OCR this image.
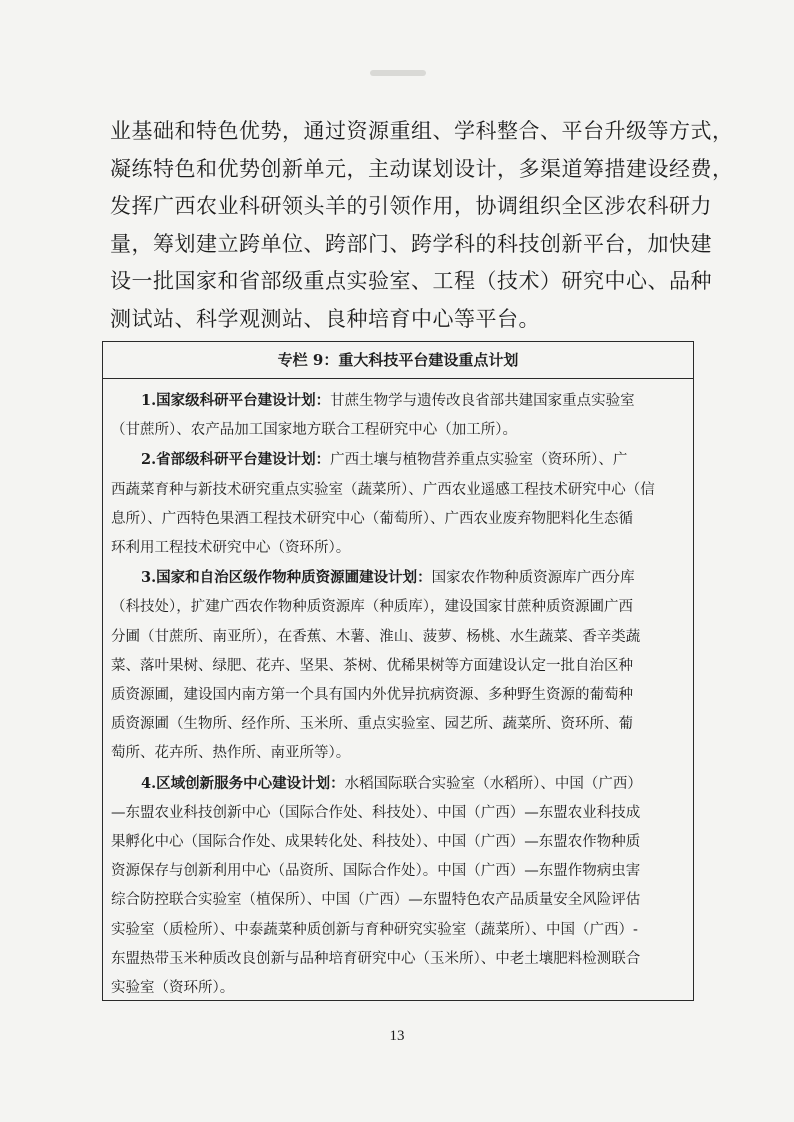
业基础和特色优势，通过资源重组、学科整合、平台升级等方式，

凝练特色和优势创新单元，主动谋划设计，多渠道筹措建设经费，

发挥广西农业科研领头羊的引领作用，协调组织全区涉农科研力

量，筹划建立跨单位、跨部门、跨学科的科技创新平台，加快建

设一批国家和省部级重点实验室、工程（技术）研究中心、品种

测试站、科学观测站、良种培育中心等平台。

专栏 9：重大科技平台建设重点计划

1.国家级科研平台建设计划：甘蔗生物学与遗传改良省部共建国家重点实验室

（甘蔗所）、农产品加工国家地方联合工程研究中心（加工所）。

2.省部级科研平台建设计划：广西土壤与植物营养重点实验室（资环所）、广

西蔬菜育种与新技术研究重点实验室（蔬菜所）、广西农业遥感工程技术研究中心（信

息所）、广西特色果酒工程技术研究中心（葡萄所）、广西农业废弃物肥料化生态循

环利用工程技术研究中心（资环所）。

3.国家和自治区级作物种质资源圃建设计划：国家农作物种质资源库广西分库

（科技处），扩建广西农作物种质资源库（种质库），建设国家甘蔗种质资源圃广西

分圃（甘蔗所、南亚所），在香蕉、木薯、淮山、菠萝、杨桃、水生蔬菜、香辛类蔬

菜、落叶果树、绿肥、花卉、坚果、茶树、优稀果树等方面建设认定一批自治区种

质资源圃，建设国内南方第一个具有国内外优异抗病资源、多种野生资源的葡萄种

质资源圃（生物所、经作所、玉米所、重点实验室、园艺所、蔬菜所、资环所、葡

萄所、花卉所、热作所、南亚所等）。

4.区域创新服务中心建设计划：水稻国际联合实验室（水稻所）、中国（广西）

—东盟农业科技创新中心（国际合作处、科技处）、中国（广西）—东盟农业科技成

果孵化中心（国际合作处、成果转化处、科技处）、中国（广西）—东盟农作物种质

资源保存与创新利用中心（品资所、国际合作处）。中国（广西）—东盟作物病虫害

综合防控联合实验室（植保所）、中国（广西）—东盟特色农产品质量安全风险评估

实验室（质检所）、中泰蔬菜种质创新与育种研究实验室（蔬菜所）、中国（广西）-

东盟热带玉米种质改良创新与品种培育研究中心（玉米所）、中老土壤肥料检测联合

实验室（资环所）。

13
